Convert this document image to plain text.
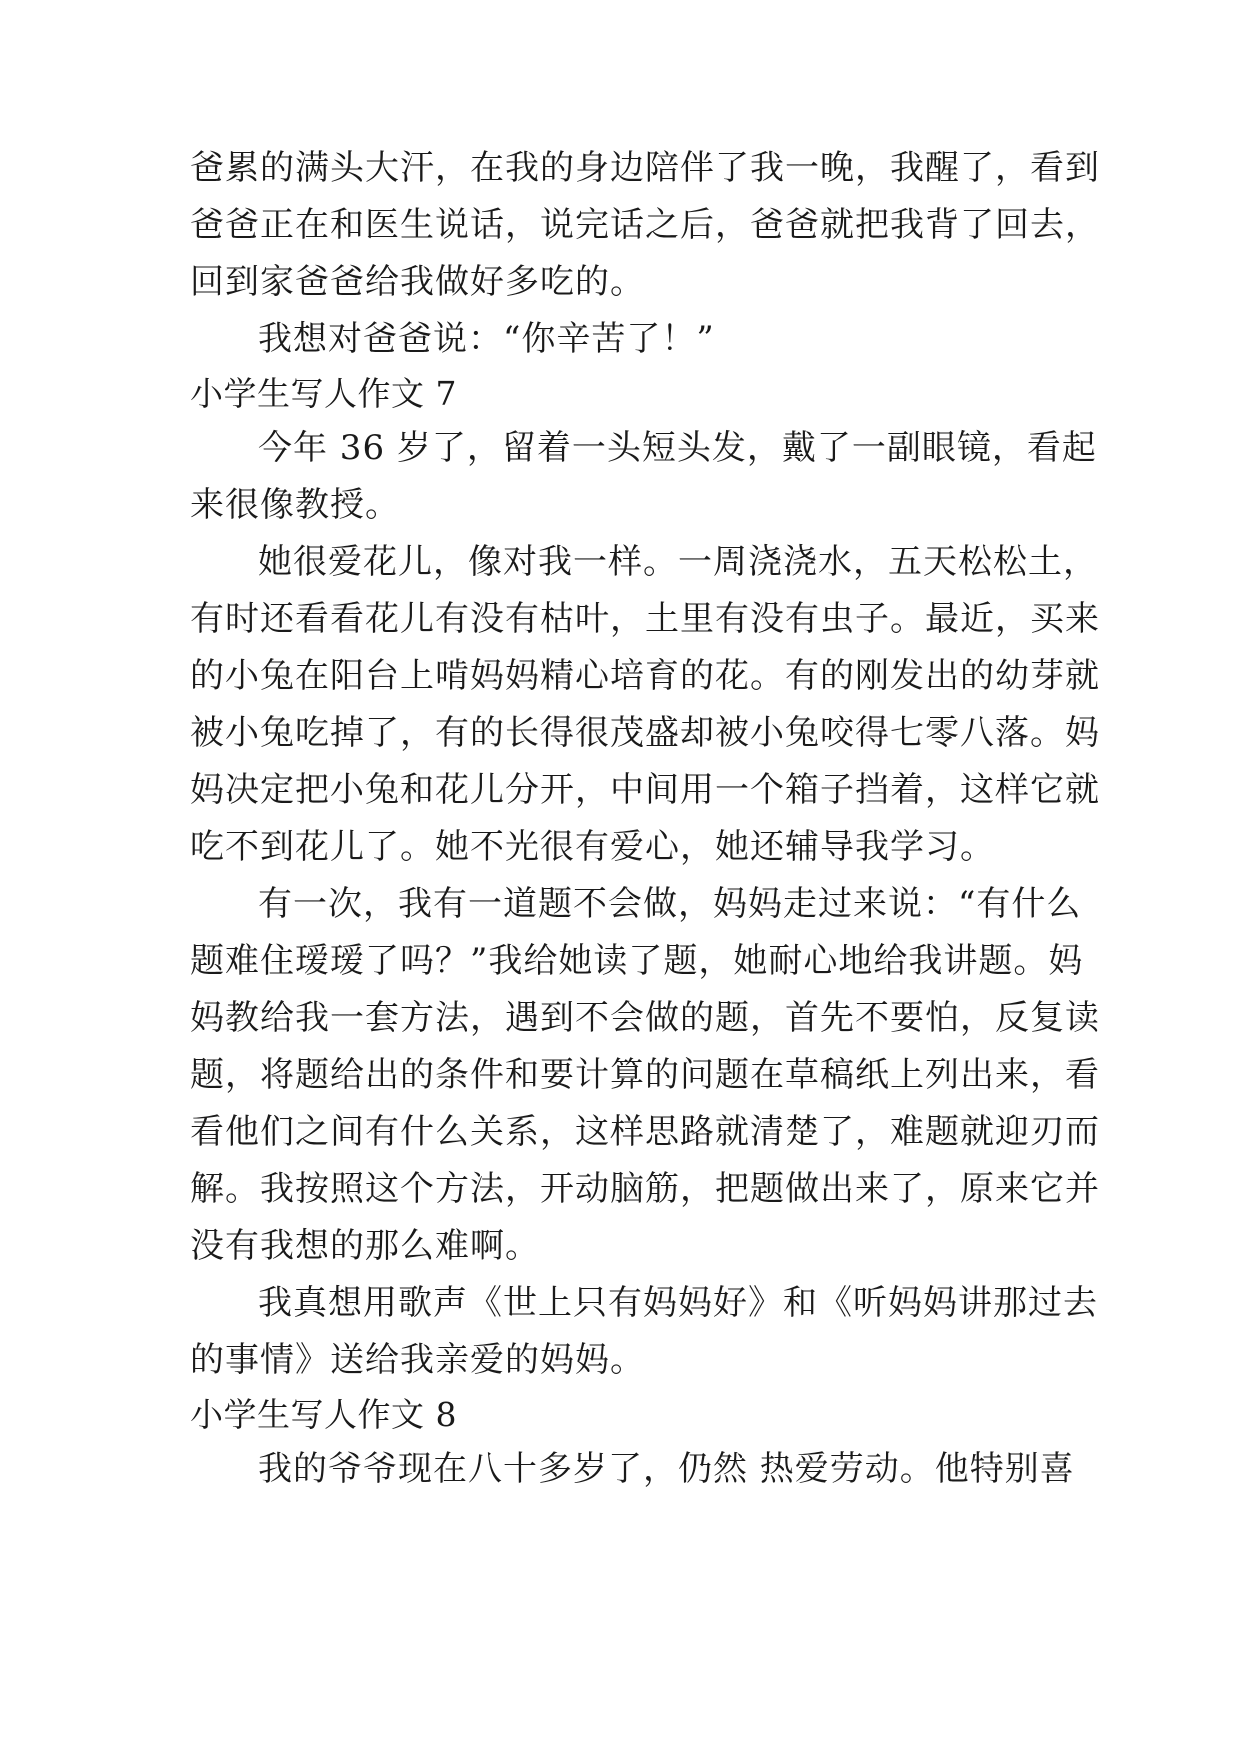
爸累的满头大汗，在我的身边陪伴了我一晚，我醒了，看到
爸爸正在和医生说话，说完话之后，爸爸就把我背了回去，
回到家爸爸给我做好多吃的。
我想对爸爸说：“你辛苦了！”
小学生写人作文 7
今年 36 岁了，留着一头短头发，戴了一副眼镜，看起
来很像教授。
她很爱花儿，像对我一样。一周浇浇水，五天松松土，
有时还看看花儿有没有枯叶，土里有没有虫子。最近，买来
的小兔在阳台上啃妈妈精心培育的花。有的刚发出的幼芽就
被小兔吃掉了，有的长得很茂盛却被小兔咬得七零八落。妈
妈决定把小兔和花儿分开，中间用一个箱子挡着，这样它就
吃不到花儿了。她不光很有爱心，她还辅导我学习。
有一次，我有一道题不会做，妈妈走过来说：“有什么
题难住瑷瑷了吗？”我给她读了题，她耐心地给我讲题。妈
妈教给我一套方法，遇到不会做的题，首先不要怕，反复读
题，将题给出的条件和要计算的问题在草稿纸上列出来，看
看他们之间有什么关系，这样思路就清楚了，难题就迎刃而
解。我按照这个方法，开动脑筋，把题做出来了，原来它并
没有我想的那么难啊。
我真想用歌声《世上只有妈妈好》和《听妈妈讲那过去
的事情》送给我亲爱的妈妈。
小学生写人作文 8
我的爷爷现在八十多岁了，仍然 热爱劳动。他特别喜
